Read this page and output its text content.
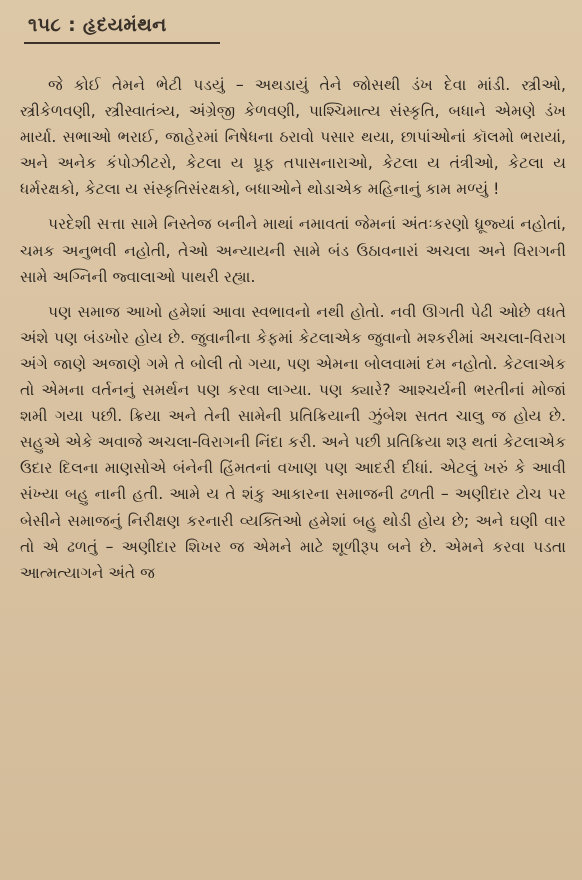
૧૫૮ : હૃદયમંથન

જે કોઈ તેમને ભેટી પડયું – અથડાયું તેને જોસથી ડંખ દેવા માંડી. સ્ત્રીઓ, સ્ત્રીકેળવણી, સ્ત્રીસ્વાતંત્ર્ય, અંગ્રેજી કેળવણી, પાશ્ચિમાત્ય સંસ્કૃતિ, બધાને એમણે ડંખ માર્યા. સભાઓ ભરાઈ, જાહેરમાં નિષેધના ઠરાવો પસાર થયા, છાપાંઓનાં કૉલમો ભરાયાં, અને અનેક કંપોઝીટરો, કેટલા ય પ્રૂફ તપાસનારાઓ, કેટલા ય તંત્રીઓ, કેટલા ય ધર્મરક્ષકો, કેટલા ય સંસ્કૃતિસંરક્ષકો, બધાઓને થોડાએક મહિનાનું કામ મળ્યું !

પરદેશી સત્તા સામે નિસ્તેજ બનીને માથાં નમાવતાં જેમનાં અંતઃકરણો ધ્રૂજ્યાં નહોતાં, ચમક અનુભવી નહોતી, તેઓ અન્યાયની સામે બંડ ઉઠાવનારાં અચલા અને વિરાગની સામે અગ્નિની જ્વાલાઓ પાથરી રહ્યા.

પણ સમાજ આખો હમેશાં આવા સ્વભાવનો નથી હોતો. નવી ઊગતી પેઢી ઓછે વધતે અંશે પણ બંડખોર હોય છે. જુવાનીના કેફમાં કેટલાએક જુવાનો મશ્કરીમાં અચલા-વિરાગ અંગે જાણે અજાણે ગમે તે બોલી તો ગયા, પણ એમના બોલવામાં દમ નહોતો. કેટલાએક તો એમના વર્તનનું સમર્થન પણ કરવા લાગ્યા. પણ ક્યારે? આશ્ચર્યની ભરતીનાં મોજાં શમી ગયા પછી. ક્રિયા અને તેની સામેની પ્રતિક્રિયાની ઝુંબેશ સતત ચાલુ જ હોય છે. સહુએ એકે અવાજે અચલા-વિરાગની નિંદા કરી. અને પછી પ્રતિક્રિયા શરૂ થતાં કેટલાએક ઉદાર દિલના માણસોએ બંનેની હિંમતનાં વખાણ પણ આદરી દીધાં. એટલું ખરું કે આવી સંખ્યા બહુ નાની હતી. આમે ય તે શંકુ આકારના સમાજની ઢળતી – અણીદાર ટોચ પર બેસીને સમાજનું નિરીક્ષણ કરનારી વ્યક્તિઓ હમેશાં બહુ થોડી હોય છે; અને ઘણી વાર તો એ ઢળતું – અણીદાર શિખર જ એમને માટે શૂળીરૂપ બને છે. એમને કરવા પડતા આત્મત્યાગને અંતે જ
